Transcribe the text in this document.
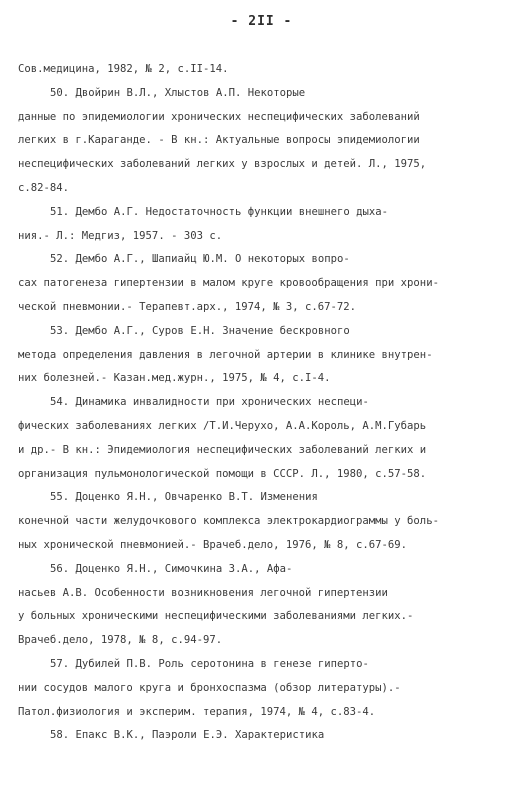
- 2II -
Сов.медицина, 1982, № 2, с.II-14.
50. Двойрин В.Л., Хлыстов А.П. Некоторые
данные по эпидемиологии хронических неспецифических заболеваний
легких в г.Караганде. - В кн.: Актуальные вопросы эпидемиологии
неспецифических заболеваний легких у взрослых и детей. Л., 1975,
с.82-84.
51. Дембо А.Г. Недостаточность функции внешнего дыха-
ния.- Л.: Медгиз, 1957. - 303 с.
52. Дембо А.Г., Шапиайц Ю.М. О некоторых вопро-
сах патогенеза гипертензии в малом круге кровообращения при хрони-
ческой пневмонии.- Терапевт.арх., 1974, № 3, с.67-72.
53. Дембо А.Г., Суров Е.Н. Значение бескровного
метода определения давления в легочной артерии в клинике внутрен-
них болезней.- Казан.мед.журн., 1975, № 4, с.I-4.
54. Динамика инвалидности при хронических неспеци-
фических заболеваниях легких /Т.И.Черухо, А.А.Король, А.М.Губарь
и др.- В кн.: Эпидемиология неспецифических заболеваний легких и
организация пульмонологической помощи в СССР. Л., 1980, с.57-58.
55. Доценко Я.Н., Овчаренко В.Т. Изменения
конечной части желудочкового комплекса электрокардиограммы у боль-
ных хронической пневмонией.- Врачеб.дело, 1976, № 8, с.67-69.
56. Доценко Я.Н., Симочкина З.А., Афа-
насьев А.В. Особенности возникновения легочной гипертензии
у больных хроническими неспецифическими заболеваниями легких.-
Врачеб.дело, 1978, № 8, с.94-97.
57. Дубилей П.В. Роль серотонина в генезе гиперто-
нии сосудов малого круга и бронхоспазма (обзор литературы).-
Патол.физиология и эксперим. терапия, 1974, № 4, с.83-4.
58. Епакс В.К., Паэроли Е.Э. Характеристика
